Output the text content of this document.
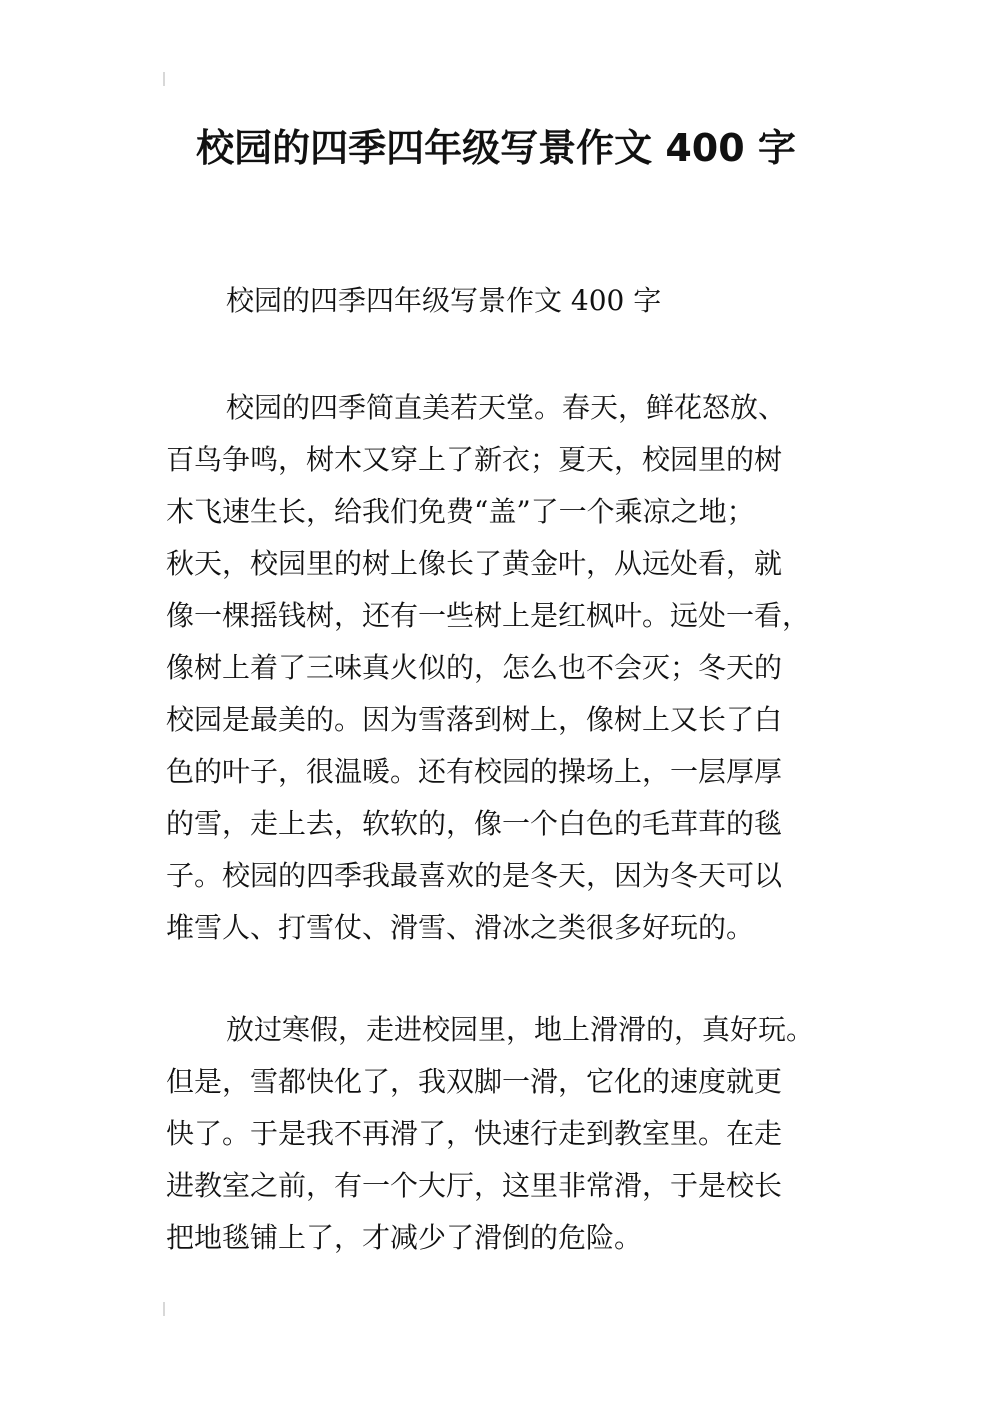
校园的四季四年级写景作文 400 字

校园的四季四年级写景作文 400 字

校园的四季简直美若天堂。春天，鲜花怒放、
百鸟争鸣，树木又穿上了新衣；夏天，校园里的树
木飞速生长，给我们免费“盖”了一个乘凉之地；
秋天，校园里的树上像长了黄金叶，从远处看，就
像一棵摇钱树，还有一些树上是红枫叶。远处一看，
像树上着了三味真火似的，怎么也不会灭；冬天的
校园是最美的。因为雪落到树上，像树上又长了白
色的叶子，很温暖。还有校园的操场上，一层厚厚
的雪，走上去，软软的，像一个白色的毛茸茸的毯
子。校园的四季我最喜欢的是冬天，因为冬天可以
堆雪人、打雪仗、滑雪、滑冰之类很多好玩的。
放过寒假，走进校园里，地上滑滑的，真好玩。
但是，雪都快化了，我双脚一滑，它化的速度就更
快了。于是我不再滑了，快速行走到教室里。在走
进教室之前，有一个大厅，这里非常滑，于是校长
把地毯铺上了，才减少了滑倒的危险。
